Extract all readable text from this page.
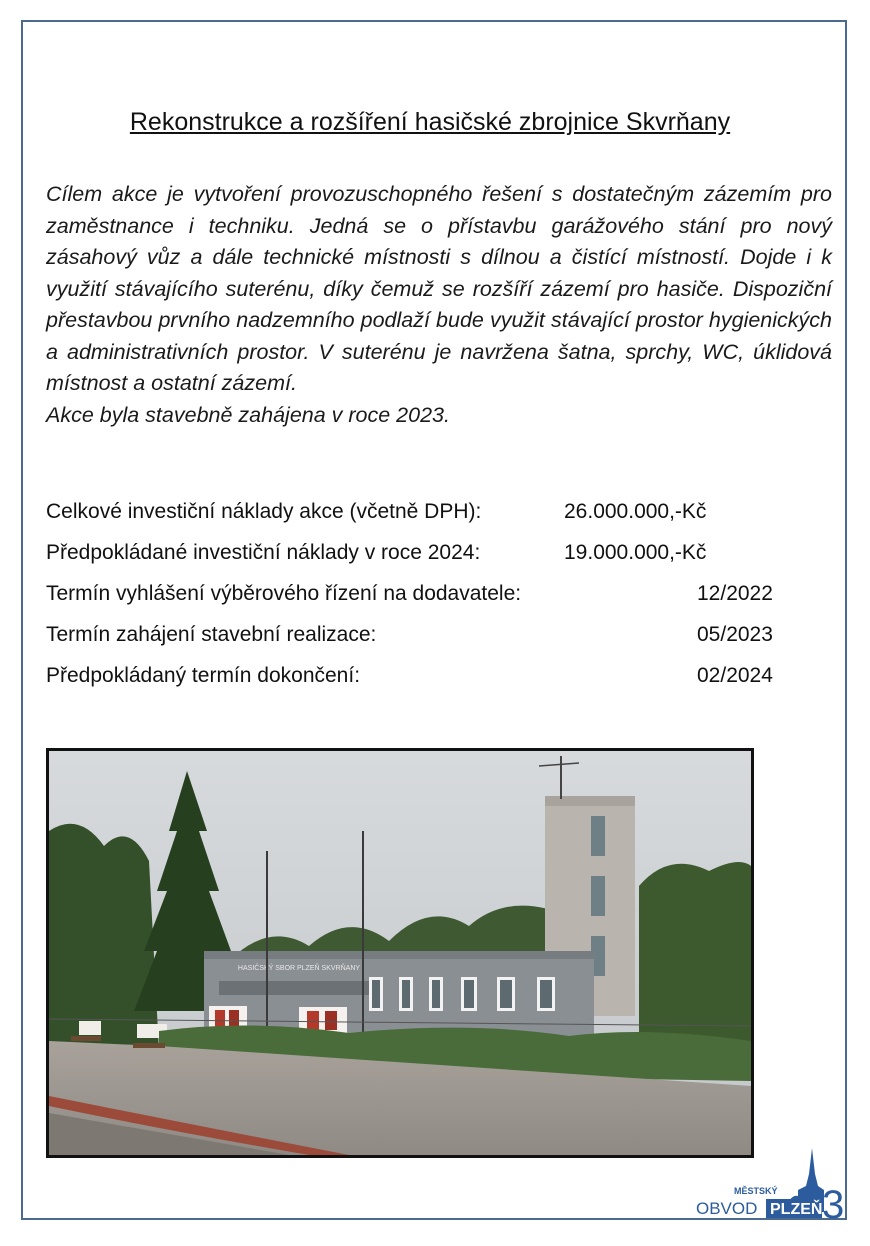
Rekonstrukce a rozšíření hasičské zbrojnice Skvrňany

Cílem akce je vytvoření provozuschopného řešení s dostatečným zázemím pro zaměstnance i techniku. Jedná se o přístavbu garážového stání pro nový zásahový vůz a dále technické místnosti s dílnou a čistící místností. Dojde i k využití stávajícího suterénu, díky čemuž se rozšíří zázemí pro hasiče. Dispoziční přestavbou prvního nadzemního podlaží bude využit stávající prostor hygienických a administrativních prostor. V suterénu je navržena šatna, sprchy, WC, úklidová místnost a ostatní zázemí.

Akce byla stavebně zahájena v roce 2023.

Celkové investiční náklady akce (včetně DPH):	26.000.000,-Kč
Předpokládané investiční náklady v roce 2024:	19.000.000,-Kč
Termín vyhlášení výběrového řízení na dodavatele:	12/2022
Termín zahájení stavební realizace:	05/2023
Předpokládaný termín dokončení:	02/2024
HASIČSKÝ SBOR PLZEŇ SKVRŇANY
MĚSTSKÝ
OBVOD PLZEŇ 3
